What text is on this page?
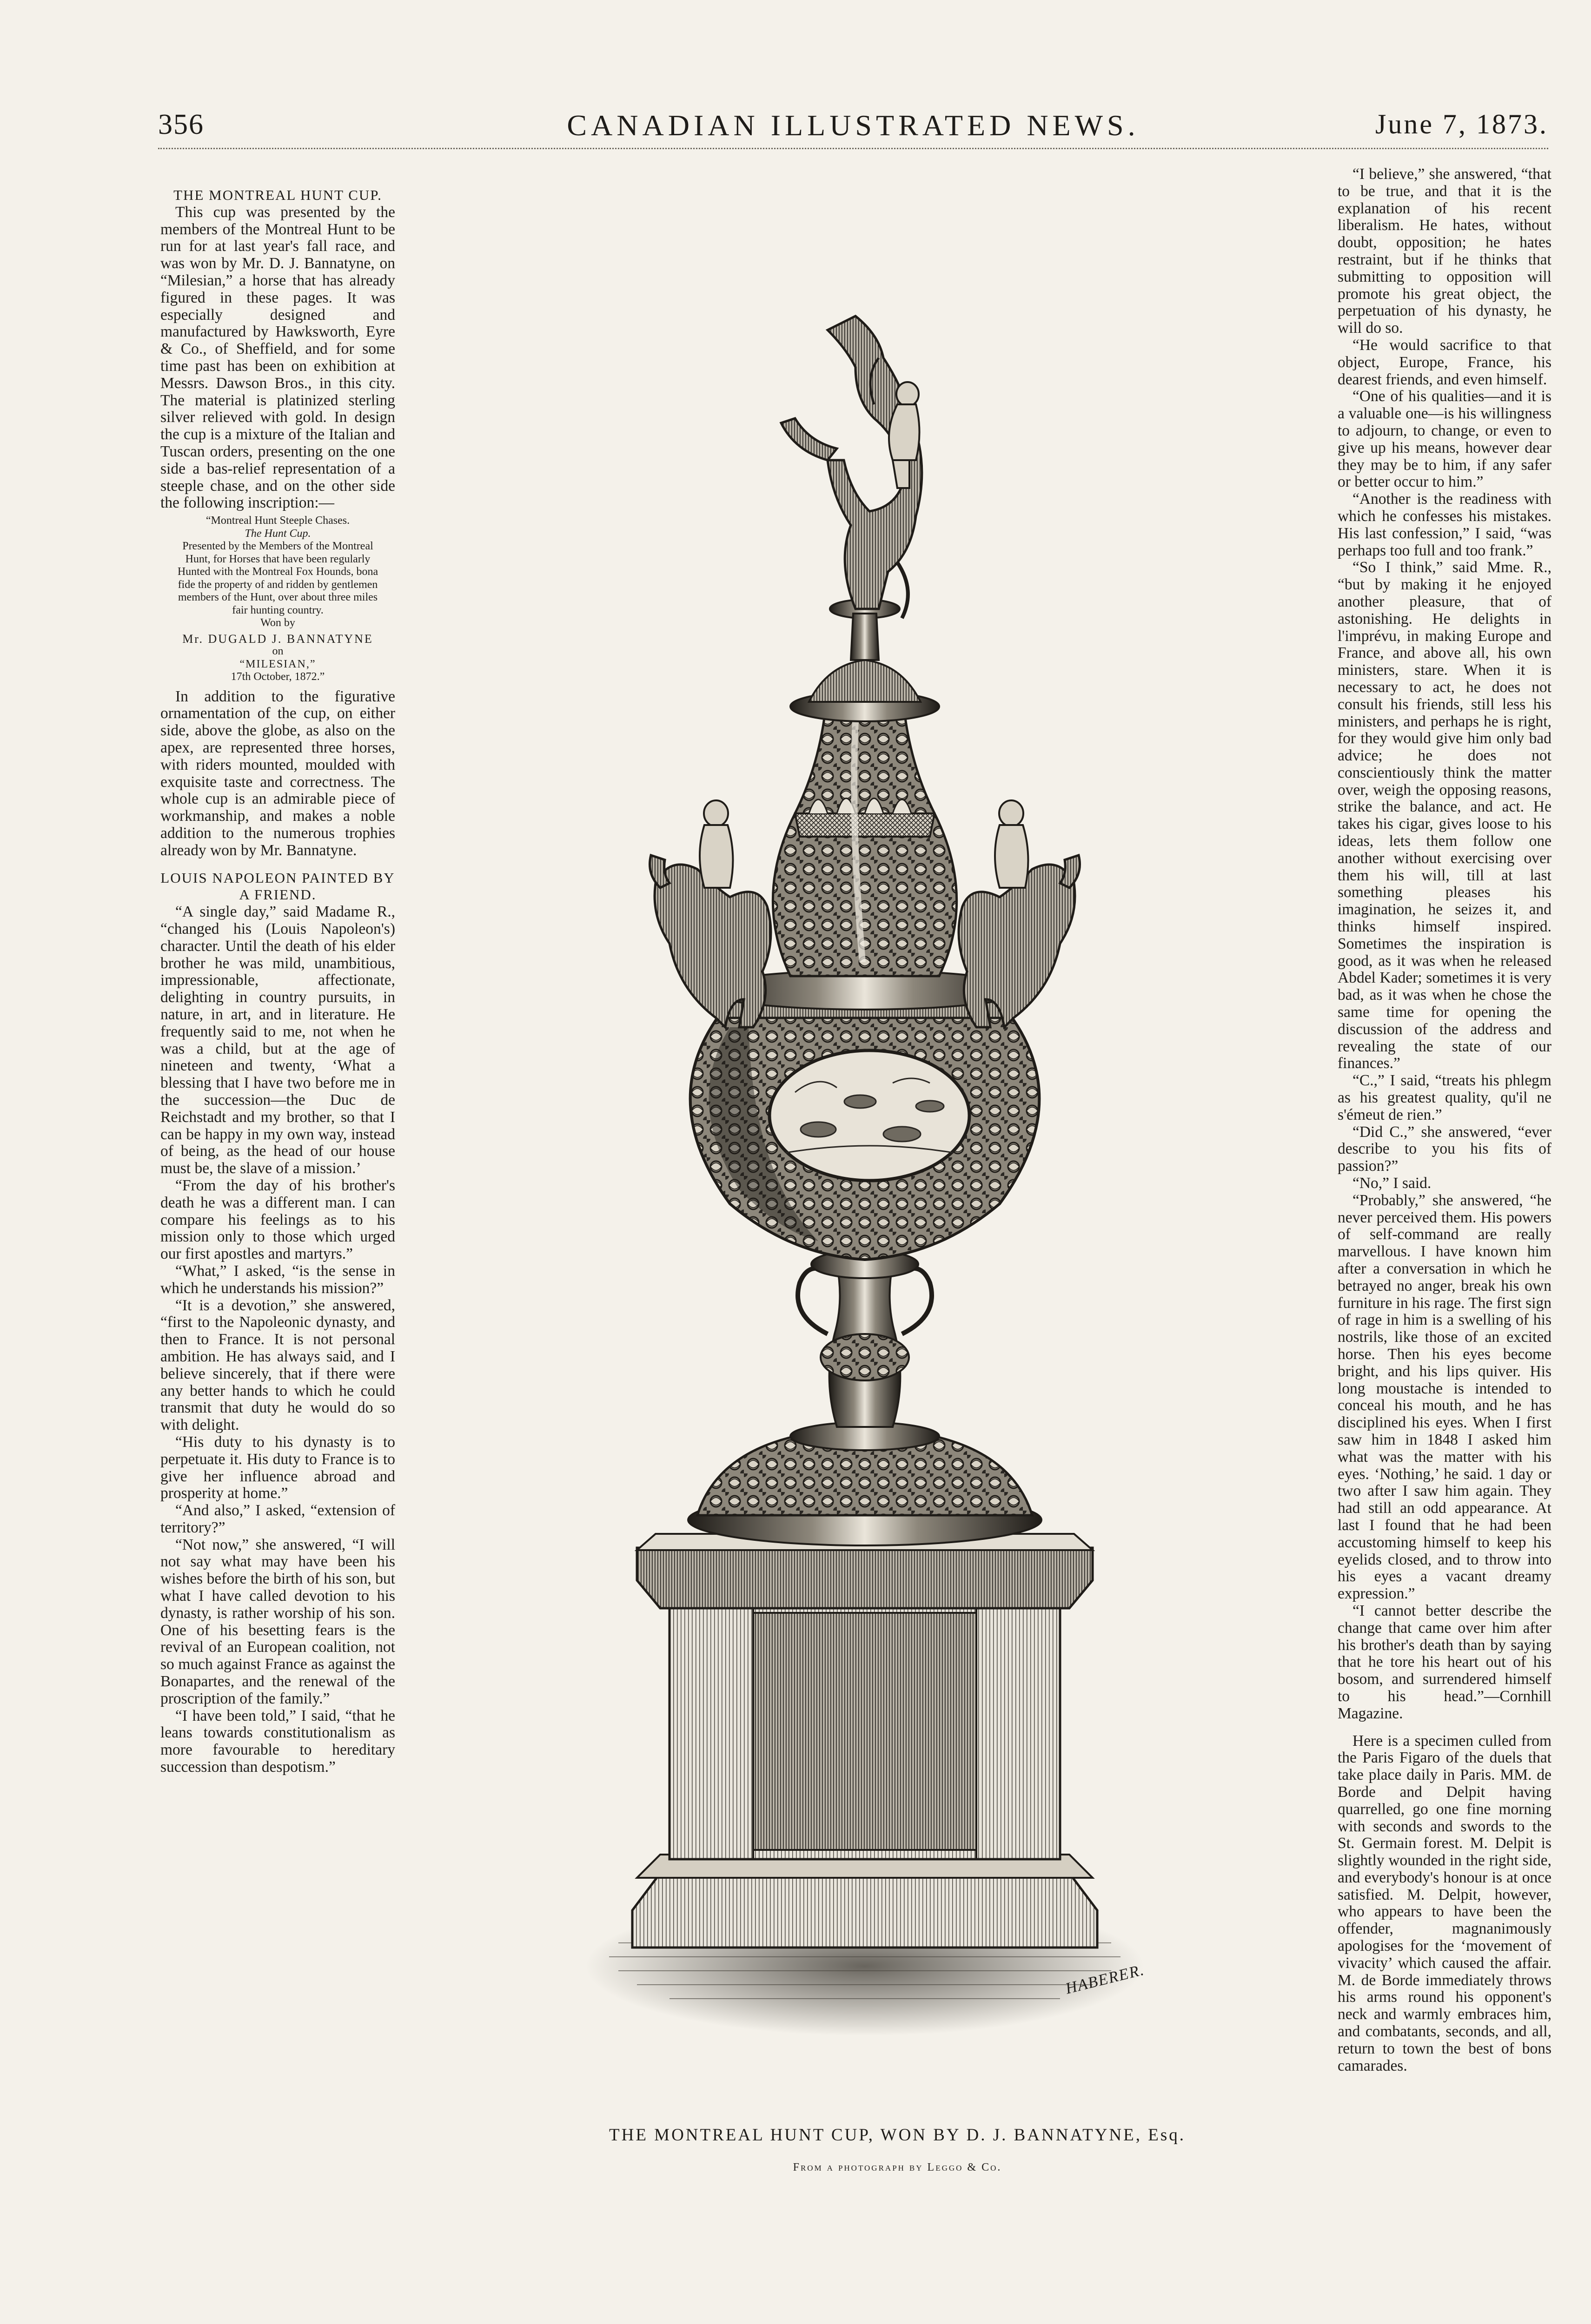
356	CANADIAN ILLUSTRATED NEWS.	June 7, 1873.

THE MONTREAL HUNT CUP.

This cup was presented by the members of the Montreal Hunt to be run for at last year's fall race, and was won by Mr. D. J. Bannatyne, on “Milesian,” a horse that has already figured in these pages. It was especially designed and manufactured by Hawksworth, Eyre & Co., of Sheffield, and for some time past has been on exhibition at Messrs. Dawson Bros., in this city. The material is platinized sterling silver relieved with gold. In design the cup is a mixture of the Italian and Tuscan orders, presenting on the one side a bas-relief representation of a steeple chase, and on the other side the following inscription:—

“Montreal Hunt Steeple Chases.

The Hunt Cup.

Presented by the Members of the Montreal Hunt, for Horses that have been regularly Hunted with the Montreal Fox Hounds, bona fide the property of and ridden by gentlemen members of the Hunt, over about three miles fair hunting country.

Won by

Mr. DUGALD J. BANNATYNE

on

“MILESIAN,”

17th October, 1872.”

In addition to the figurative ornamentation of the cup, on either side, above the globe, as also on the apex, are represented three horses, with riders mounted, moulded with exquisite taste and correctness. The whole cup is an admirable piece of workmanship, and makes a noble addition to the numerous trophies already won by Mr. Bannatyne.

LOUIS NAPOLEON PAINTED BY A FRIEND.

“A single day,” said Madame R., “changed his (Louis Napoleon's) character. Until the death of his elder brother he was mild, unambitious, impressionable, affectionate, delighting in country pursuits, in nature, in art, and in literature. He frequently said to me, not when he was a child, but at the age of nineteen and twenty, ‘What a blessing that I have two before me in the succession—the Duc de Reichstadt and my brother, so that I can be happy in my own way, instead of being, as the head of our house must be, the slave of a mission.’

“From the day of his brother's death he was a different man. I can compare his feelings as to his mission only to those which urged our first apostles and martyrs.”

“What,” I asked, “is the sense in which he understands his mission?”

“It is a devotion,” she answered, “first to the Napoleonic dynasty, and then to France. It is not personal ambition. He has always said, and I believe sincerely, that if there were any better hands to which he could transmit that duty he would do so with delight.

“His duty to his dynasty is to perpetuate it. His duty to France is to give her influence abroad and prosperity at home.”

“And also,” I asked, “extension of territory?”

“Not now,” she answered, “I will not say what may have been his wishes before the birth of his son, but what I have called devotion to his dynasty, is rather worship of his son. One of his besetting fears is the revival of an European coalition, not so much against France as against the Bonapartes, and the renewal of the proscription of the family.”

“I have been told,” I said, “that he leans towards constitutionalism as more favourable to hereditary succession than despotism.”

HABERER.
THE MONTREAL HUNT CUP, WON BY D. J. BANNATYNE, Esq.
From a photograph by Leggo & Co.

“I believe,” she answered, “that to be true, and that it is the explanation of his recent liberalism. He hates, without doubt, opposition; he hates restraint, but if he thinks that submitting to opposition will promote his great object, the perpetuation of his dynasty, he will do so.

“He would sacrifice to that object, Europe, France, his dearest friends, and even himself.

“One of his qualities—and it is a valuable one—is his willingness to adjourn, to change, or even to give up his means, however dear they may be to him, if any safer or better occur to him.”

“Another is the readiness with which he confesses his mistakes. His last confession,” I said, “was perhaps too full and too frank.”

“So I think,” said Mme. R., “but by making it he enjoyed another pleasure, that of astonishing. He delights in l'imprévu, in making Europe and France, and above all, his own ministers, stare. When it is necessary to act, he does not consult his friends, still less his ministers, and perhaps he is right, for they would give him only bad advice; he does not conscientiously think the matter over, weigh the opposing reasons, strike the balance, and act. He takes his cigar, gives loose to his ideas, lets them follow one another without exercising over them his will, till at last something pleases his imagination, he seizes it, and thinks himself inspired. Sometimes the inspiration is good, as it was when he released Abdel Kader; sometimes it is very bad, as it was when he chose the same time for opening the discussion of the address and revealing the state of our finances.”

“C.,” I said, “treats his phlegm as his greatest quality, qu'il ne s'émeut de rien.”

“Did C.,” she answered, “ever describe to you his fits of passion?”

“No,” I said.

“Probably,” she answered, “he never perceived them. His powers of self-command are really marvellous. I have known him after a conversation in which he betrayed no anger, break his own furniture in his rage. The first sign of rage in him is a swelling of his nostrils, like those of an excited horse. Then his eyes become bright, and his lips quiver. His long moustache is intended to conceal his mouth, and he has disciplined his eyes. When I first saw him in 1848 I asked him what was the matter with his eyes. ‘Nothing,’ he said. 1 day or two after I saw him again. They had still an odd appearance. At last I found that he had been accustoming himself to keep his eyelids closed, and to throw into his eyes a vacant dreamy expression.”

“I cannot better describe the change that came over him after his brother's death than by saying that he tore his heart out of his bosom, and surrendered himself to his head.”—Cornhill Magazine.

Here is a specimen culled from the Paris Figaro of the duels that take place daily in Paris. MM. de Borde and Delpit having quarrelled, go one fine morning with seconds and swords to the St. Germain forest. M. Delpit is slightly wounded in the right side, and everybody's honour is at once satisfied. M. Delpit, however, who appears to have been the offender, magnanimously apologises for the ‘movement of vivacity’ which caused the affair. M. de Borde immediately throws his arms round his opponent's neck and warmly embraces him, and combatants, seconds, and all, return to town the best of bons camarades.
